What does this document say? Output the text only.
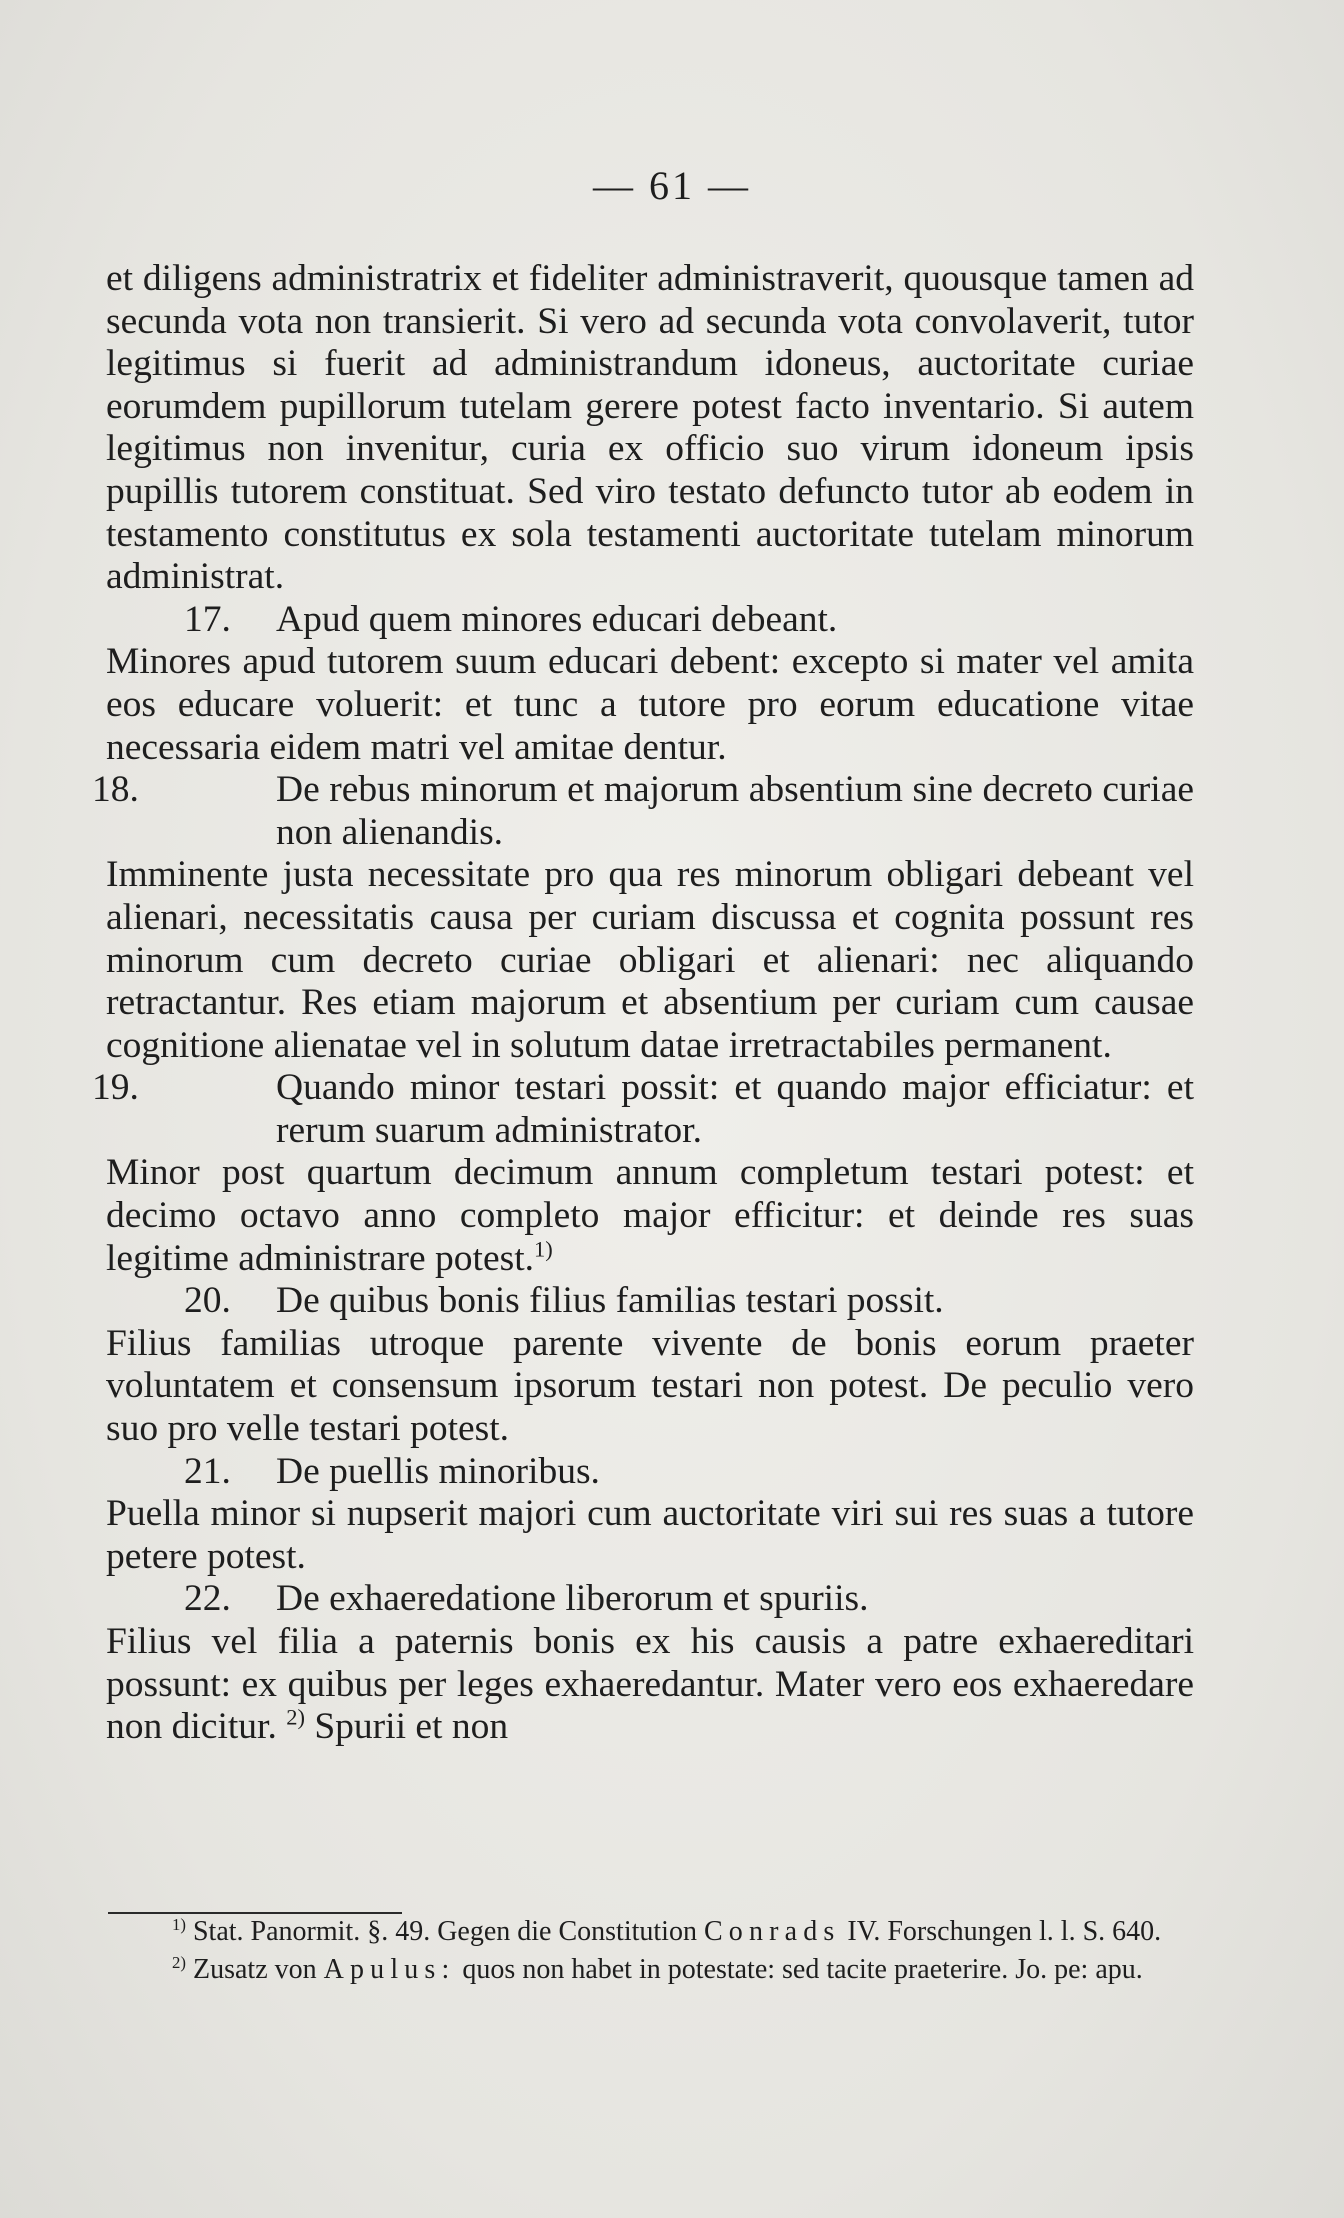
— 61 —

et diligens administratrix et fideliter administraverit, quousque tamen ad secunda vota non transierit. Si vero ad secunda vota convolaverit, tutor legitimus si fuerit ad administrandum idoneus, auctoritate curiae eorumdem pupillorum tutelam gerere potest facto inventario. Si autem legitimus non invenitur, curia ex officio suo virum idoneum ipsis pupillis tutorem constituat. Sed viro testato defuncto tutor ab eodem in testamento constitutus ex sola testamenti auctoritate tutelam minorum administrat.

17. Apud quem minores educari debeant.

Minores apud tutorem suum educari debent: excepto si mater vel amita eos educare voluerit: et tunc a tutore pro eorum educatione vitae necessaria eidem matri vel amitae dentur.

18.	De rebus minorum et majorum absentium sine decreto curiae non alienandis.

Imminente justa necessitate pro qua res minorum obligari debeant vel alienari, necessitatis causa per curiam discussa et cognita possunt res minorum cum decreto curiae obligari et alienari: nec aliquando retractantur. Res etiam majorum et absentium per curiam cum causae cognitione alienatae vel in solutum datae irretractabiles permanent.

19.	Quando minor testari possit: et quando major efficiatur: et rerum suarum administrator.

Minor post quartum decimum annum completum testari potest: et decimo octavo anno completo major efficitur: et deinde res suas legitime administrare potest.$^{1)}$

20. De quibus bonis filius familias testari possit.

Filius familias utroque parente vivente de bonis eorum praeter voluntatem et consensum ipsorum testari non potest. De peculio vero suo pro velle testari potest.

21. De puellis minoribus.

Puella minor si nupserit majori cum auctoritate viri sui res suas a tutore petere potest.

22. De exhaeredatione liberorum et spuriis.

Filius vel filia a paternis bonis ex his causis a patre exhaereditari possunt: ex quibus per leges exhaeredantur. Mater vero eos exhaeredare non dicitur. $^{2)}$ Spurii et non

$^{1)}$ Stat. Panormit. §. 49. Gegen die Constitution Conrads IV. Forschungen l. l. S. 640.

$^{2)}$ Zusatz von Apulus: quos non habet in potestate: sed tacite praeterire. Jo. pe: apu.
